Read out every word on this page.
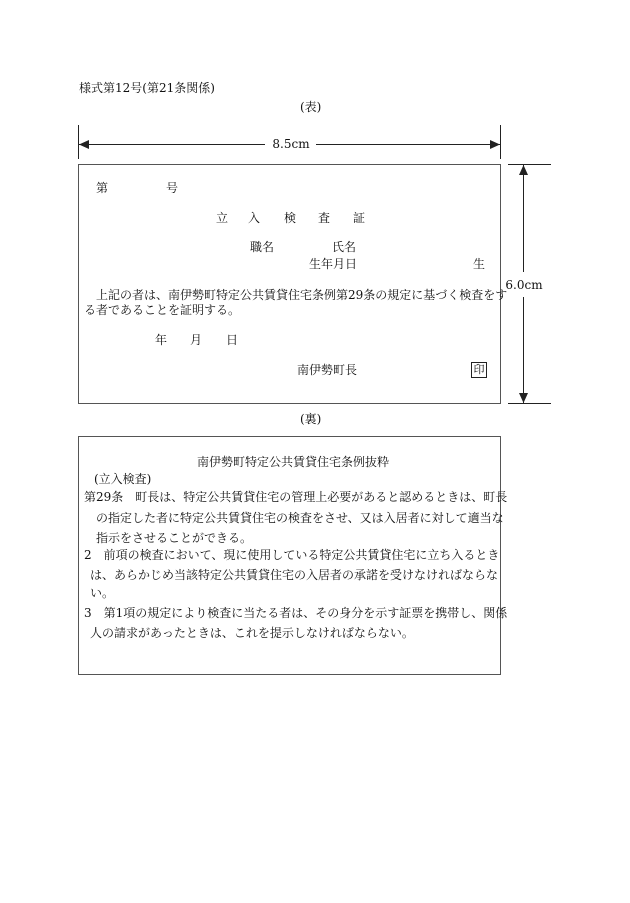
様式第12号(第21条関係)
(表)
8.5cm
6.0cm
第	号
立 入 検 査 証
職名	氏名
生年月日	生
上記の者は、南伊勢町特定公共賃貸住宅条例第29条の規定に基づく検査をす
る者であることを証明する。
年 月 日
南伊勢町長	印
(裏)
南伊勢町特定公共賃貸住宅条例抜粋
(立入検査)
第29条　町長は、特定公共賃貸住宅の管理上必要があると認めるときは、町長
の指定した者に特定公共賃貸住宅の検査をさせ、又は入居者に対して適当な
指示をさせることができる。
2　前項の検査において、現に使用している特定公共賃貸住宅に立ち入るとき
は、あらかじめ当該特定公共賃貸住宅の入居者の承諾を受けなければならな
い。
3　第1項の規定により検査に当たる者は、その身分を示す証票を携帯し、関係
人の請求があったときは、これを提示しなければならない。
